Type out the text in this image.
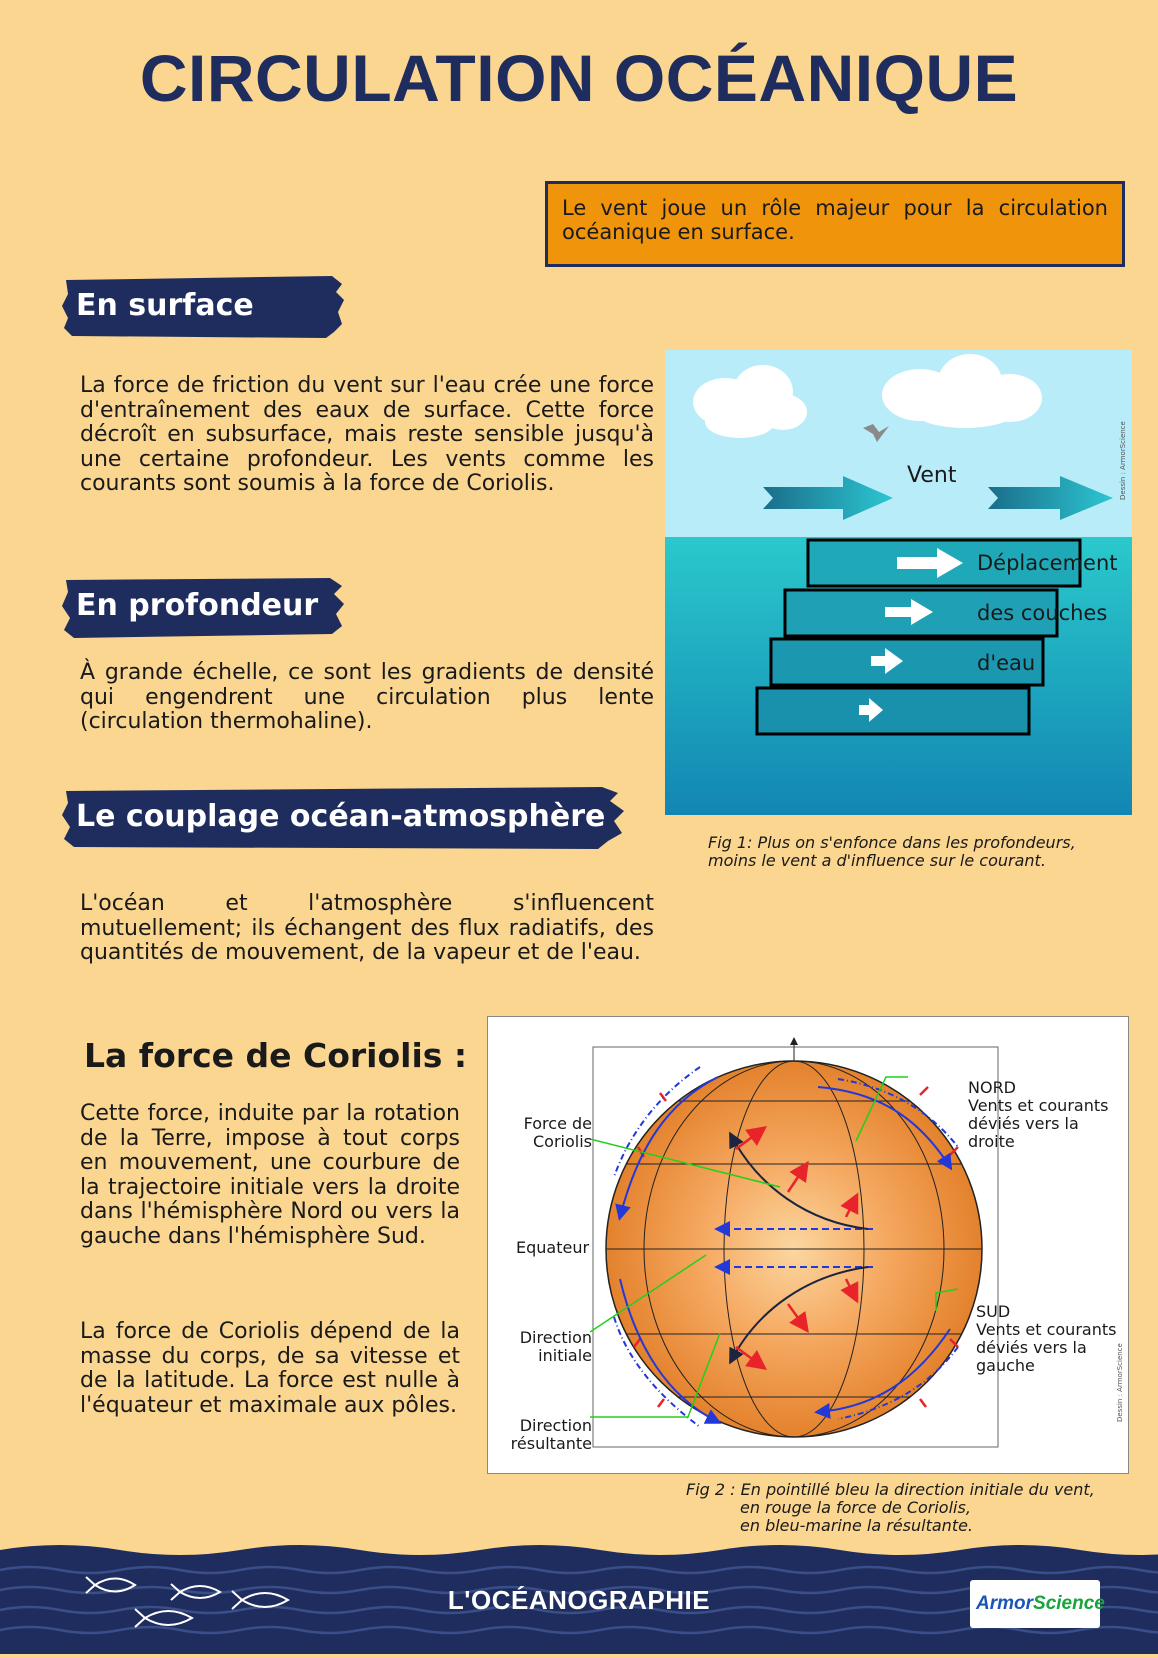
CIRCULATION OCÉANIQUE
Le vent joue un rôle majeur pour la circulation océanique en surface.
En surface
La force de friction du vent sur l'eau crée une force d'entraînement des eaux de surface. Cette force décroît en subsurface, mais reste sensible jusqu'à une certaine profondeur. Les vents comme les courants sont soumis à la force de Coriolis.
En profondeur
À grande échelle, ce sont les gradients de densité qui engendrent une circulation plus lente (circulation thermohaline).
Le couplage océan-atmosphère
L'océan et l'atmosphère s'influencent mutuellement; ils échangent des flux radiatifs, des quantités de mouvement, de la vapeur et de l'eau.
Vent
Déplacement
des couches
d'eau
Dessin : ArmorScience
Fig 1: Plus on s'enfonce dans les profondeurs,
moins le vent a d'influence sur le courant.
La force de Coriolis :
Cette force, induite par la rotation de la Terre, impose à tout corps en mouvement, une courbure de la trajectoire initiale vers la droite dans l'hémisphère Nord ou vers la gauche dans l'hémisphère Sud.
La force de Coriolis dépend de la masse du corps, de sa vitesse et de la latitude. La force est nulle à l'équateur et maximale aux pôles.	Dessin : ArmorScience
Force de
Coriolis
Equateur
Direction
initiale
Direction
résultante
NORD
Vents et courants
déviés vers la
droite
SUD
Vents et courants
déviés vers la
gauche
Fig 2 : En pointillé bleu la direction initiale du vent,
en rouge la force de Coriolis,
en bleu-marine la résultante.
L'OCÉANOGRAPHIE	ArmorScience
